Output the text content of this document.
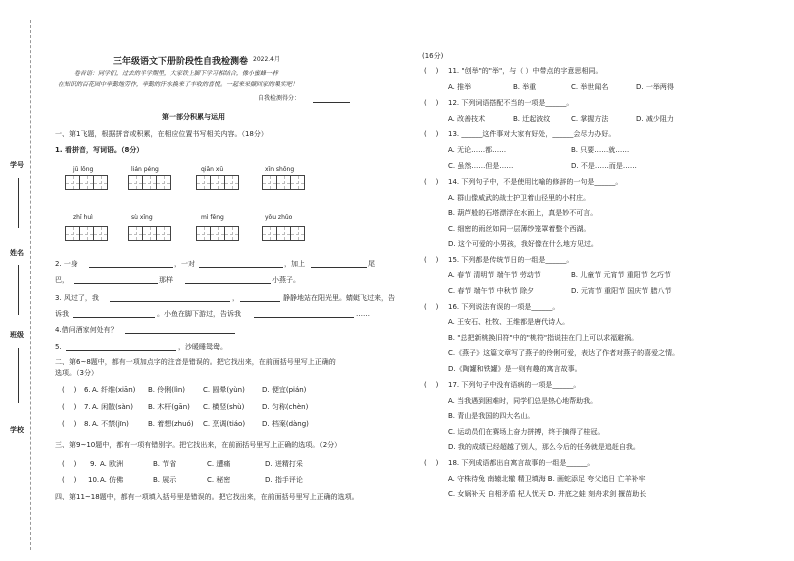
学号
姓名
班级
学校
三年级语文下册阶段性自我检测卷 2022.4月
卷首语：同学们，过去的半学期里，大家铁上脚下学习相结合，像小蜜蜂一样
在知识的百花园中辛勤地劳作，辛勤的汗水换来了丰收的喜悦。一起来采撷回家的果实吧！
自我检测得分：
第一部分积累与运用
一、第1飞题，根据拼音或积累，在相应位置书写相关内容。（18分）
1. 看拼音，写词语。（8分）
jū lōng	lián péng	qiān xū	xīn shōng
zhī huì	sù xīng	mì fēng	yōu zhǔo
2. 一身	，一对	，加上	尾
巴，	那样	小燕子。
3. 风过了，我	，	静静地站在阳光里。蜻蜓飞过来，告
诉我	。小鱼在脚下游过，告诉我	……
4.借问酒家何处有？
5.	，沙暖睡鸳鸯。
二、第6~8题中，都有一项加点字的注音是错误的。把它找出来，在前面括号里写上正确的
选项。（3分）
(    ) 6. A. 纤维(xiān) B. 伶俐(lìn)	C. 圆晕(yùn) D. 便宜(pián)
(    ) 7. A. 闲散(sàn) B. 木杆(gān) C. 横竖(shù)	D. 匀称(chèn)
(    ) 8. A. 不禁(jīn)	B. 着想(zhuó) C. 烹调(tiáo) D. 档案(dàng)
三、第9~10题中，都有一项有错别字。把它找出来，在前面括号里写上正确的选项。（2分）
(    ) 9. A. 欧洲	B. 节省	C. 遭痛	D. 迸精打采
(    ) 10. A. 仿佛	B. 展示	C. 秘密	D. 指手评论
四、第11~18题中，都有一项填入括号里是错误的。把它找出来，在前面括号里写上正确的选项。
(16分)
(    ) 11. "创举"的"举"，与（ ）中带点的字意思相同。
A. 推举	B. 举重	C. 举世闻名	D. 一举两得
(    ) 12. 下列词语搭配不当的一项是______。
A. 改善技术	B. 迁起波纹	C. 掌握方法	D. 减少阻力
(    ) 13. ______这件事对大家有好处，______会尽力办好。
A. 无论……都……	B. 只要……就……
C. 虽然……但是……	D. 不是……而是……
(    ) 14. 下列句子中，不是使用比喻的修辞的一句是______。
A. 群山像威武的战士护卫着山径里的小村庄。
B. 葫芦般的石塔漂浮在水面上，真是妙不可言。
C. 细密的雨丝如同一层薄纱笼罩着整个西湖。
D. 这个可爱的小男孩，我好像在什么地方见过。
(    ) 15. 下列都是传统节日的一组是______。
A. 春节 清明节 端午节 劳动节	B. 儿童节 元宵节 重阳节 乞巧节
C. 春节 端午节 中秋节 除夕	D. 元宵节 重阳节 国庆节 腊八节
(    ) 16. 下列说法有误的一项是______。
A. 王安石、杜牧、王维都是唐代诗人。
B. "总把新桃换旧符"中的"桃符"指说挂在门上可以求福避祸。
C.《燕子》这篇文章写了燕子的伶俐可爱，表达了作者对燕子的喜爱之情。
D.《陶罐和铁罐》是一则有趣的寓言故事。
(    ) 17. 下列句子中没有语病的一项是______。
A. 当我遇到困难时，同学们总是热心地帮助我。
B. 青山是我国的四大名山。
C. 运动员们在赛场上奋力拼搏，终于摘得了桂冠。
D. 我的成绩已经超越了别人，那么今后的任务就是追赶自我。
(    ) 18. 下列成语都出自寓言故事的一组是______。
A. 守株待兔 南辕北辙 精卫填海 B. 画蛇添足 夸父追日 亡羊补牢
C. 女娲补天 自相矛盾 杞人忧天 D. 井底之蛙 刻舟求剑 揠苗助长
